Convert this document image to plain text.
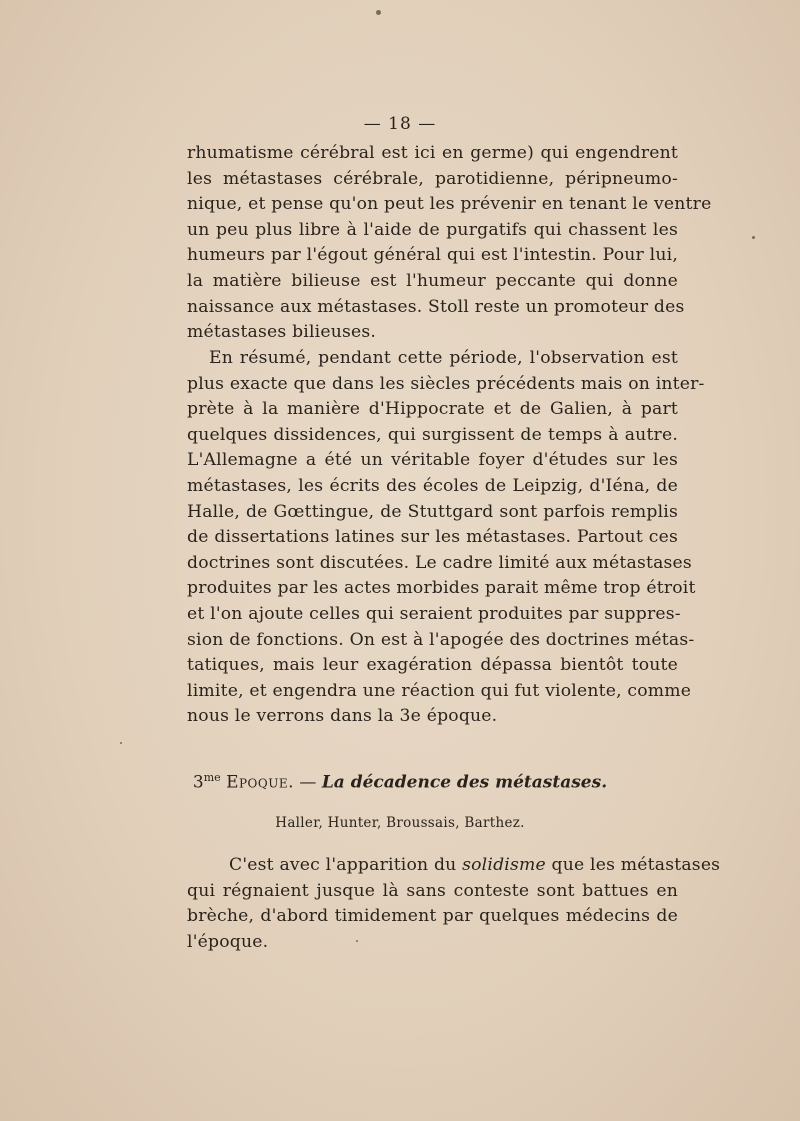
— 18 —
rhumatisme cérébral est ici en germe) qui engendrent
les métastases cérébrale, parotidienne, péripneumo-
nique, et pense qu'on peut les prévenir en tenant le ventre
un peu plus libre à l'aide de purgatifs qui chassent les
humeurs par l'égout général qui est l'intestin. Pour lui,
la matière bilieuse est l'humeur peccante qui donne
naissance aux métastases. Stoll reste un promoteur des
métastases bilieuses.
En résumé, pendant cette période, l'observation est
plus exacte que dans les siècles précédents mais on inter-
prète à la manière d'Hippocrate et de Galien, à part
quelques dissidences, qui surgissent de temps à autre.
L'Allemagne a été un véritable foyer d'études sur les
métastases, les écrits des écoles de Leipzig, d'Iéna, de
Halle, de Gœttingue, de Stuttgard sont parfois remplis
de dissertations latines sur les métastases. Partout ces
doctrines sont discutées. Le cadre limité aux métastases
produites par les actes morbides parait même trop étroit
et l'on ajoute celles qui seraient produites par suppres-
sion de fonctions. On est à l'apogée des doctrines métas-
tatiques, mais leur exagération dépassa bientôt toute
limite, et engendra une réaction qui fut violente, comme
nous le verrons dans la 3e époque.
$3^{me}$ Epoque. — La décadence des métastases.
Haller, Hunter, Broussais, Barthez.
C'est avec l'apparition du solidisme que les métastases
qui régnaient jusque là sans conteste sont battues en
brèche, d'abord timidement par quelques médecins de
l'époque.
